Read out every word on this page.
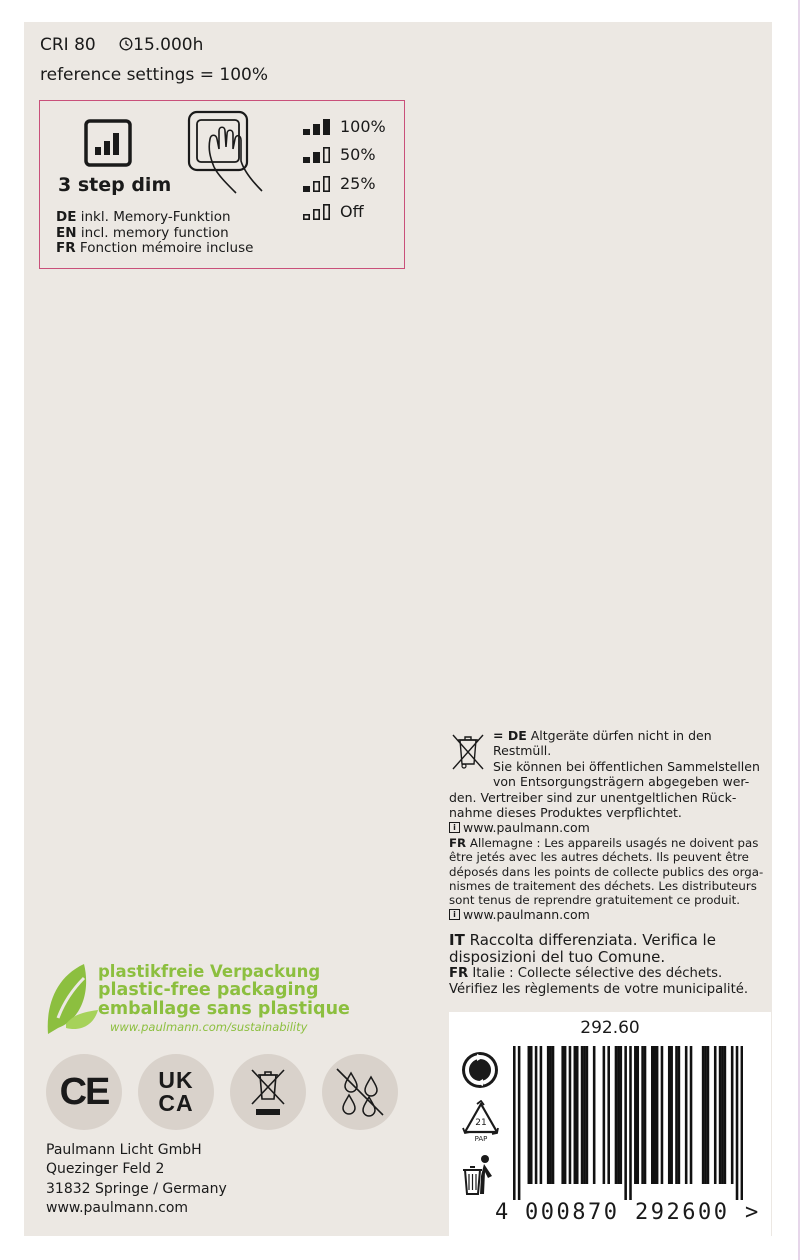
CRI 80 15.000h
reference settings = 100%
3 step dim
100%
50%
25%
Off
DE inkl. Memory-Funktion
EN incl. memory function
FR Fonction mémoire incluse
= DE Altgeräte dürfen nicht in den Restmüll.
Sie können bei öffentlichen Sammelstellen
von Entsorgungsträgern abgegeben wer-
den. Vertreiber sind zur unentgeltlichen Rück-
nahme dieses Produktes verpflichtet.
i www.paulmann.com
FR Allemagne : Les appareils usagés ne doivent pas
être jetés avec les autres déchets. Ils peuvent être
déposés dans les points de collecte publics des orga-
nismes de traitement des déchets. Les distributeurs
sont tenus de reprendre gratuitement ce produit.
i www.paulmann.com
IT Raccolta differenziata. Verifica le
disposizioni del tuo Comune.
FR Italie : Collecte sélective des déchets.
Vérifiez les règlements de votre municipalité.
plastikfreie Verpackung
plastic-free packaging
emballage sans plastique
www.paulmann.com/sustainability
CE UK
CA
Paulmann Licht GmbH
Quezinger Feld 2
31832 Springe / Germany
www.paulmann.com
292.60
21
PAP
4 000870 292600 >
